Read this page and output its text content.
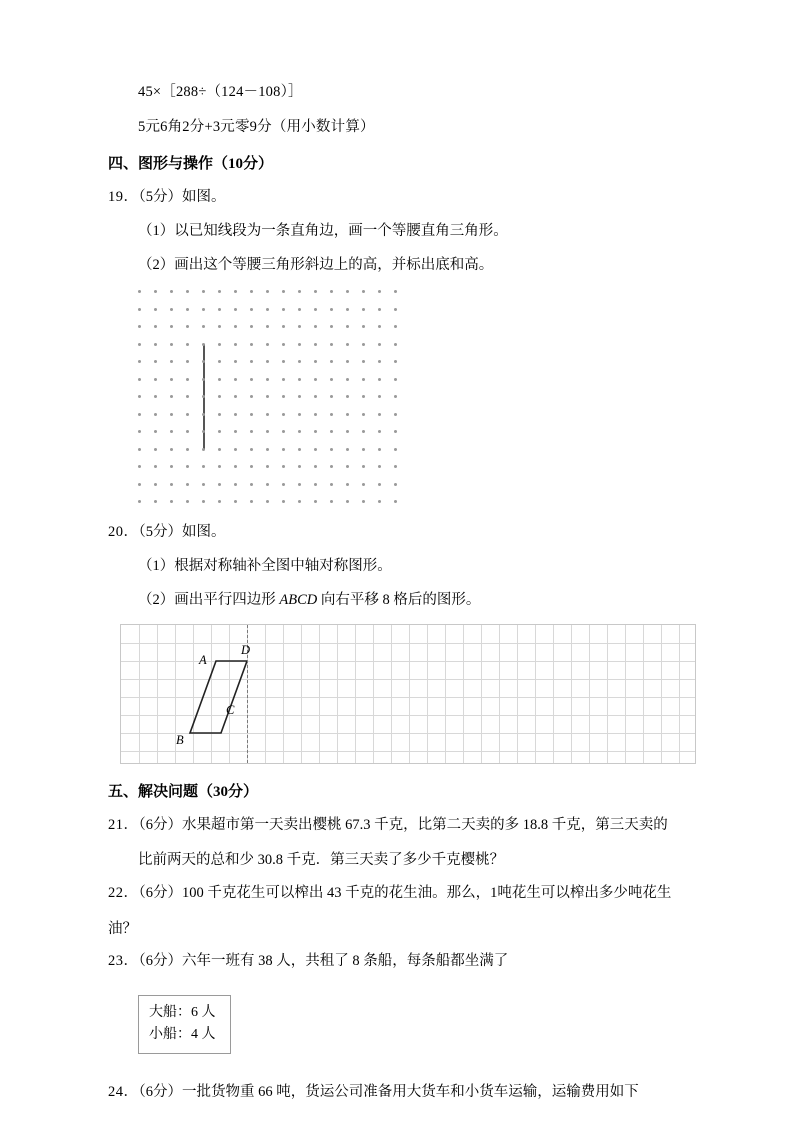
45×［288÷（124－108）］
5元6角2分+3元零9分（用小数计算）
四、图形与操作（10分）
19．（5分）如图。
（1）以已知线段为一条直角边，画一个等腰直角三角形。
（2）画出这个等腰三角形斜边上的高，并标出底和高。
20．（5分）如图。
（1）根据对称轴补全图中轴对称图形。
（2）画出平行四边形 ABCD 向右平移 8 格后的图形。
D
A
C
B
五、解决问题（30分）
21．（6分）水果超市第一天卖出樱桃 67.3 千克，比第二天卖的多 18.8 千克，第三天卖的
比前两天的总和少 30.8 千克．第三天卖了多少千克樱桃？
22．（6分）100 千克花生可以榨出 43 千克的花生油。那么，1吨花生可以榨出多少吨花生
油？
23．（6分）六年一班有 38 人，共租了 8 条船，每条船都坐满了
大船：6 人
小船：4 人
24．（6分）一批货物重 66 吨，货运公司准备用大货车和小货车运输，运输费用如下
